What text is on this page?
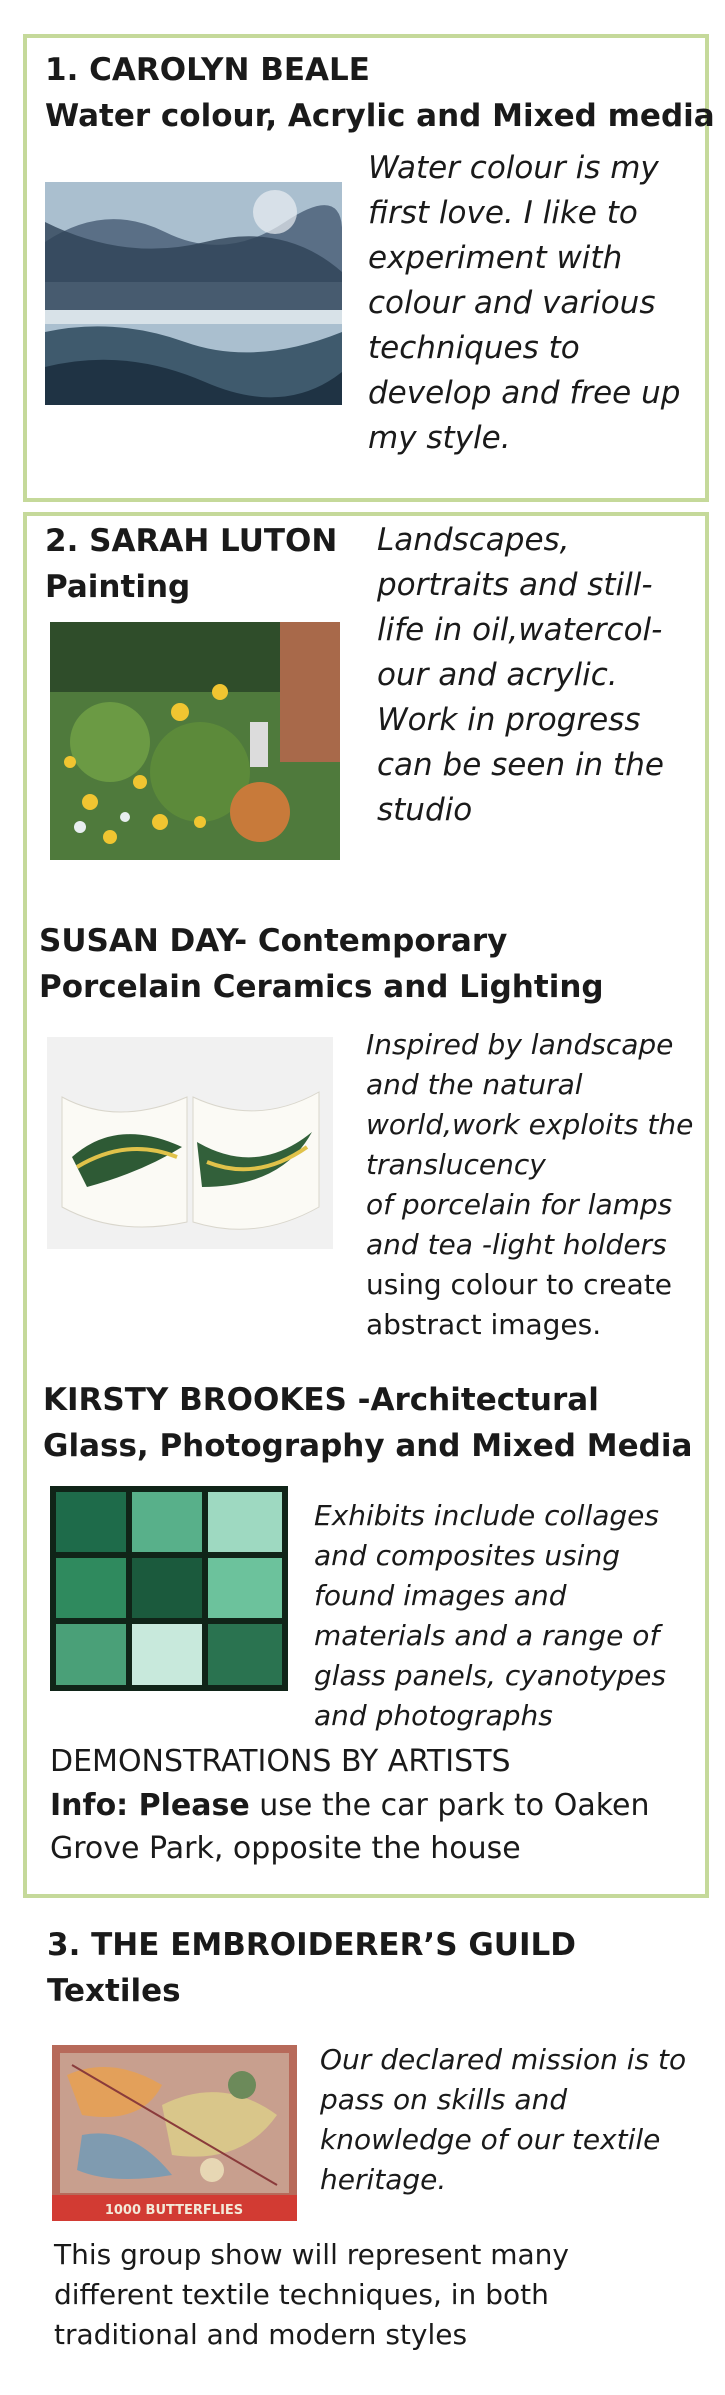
1. CAROLYN BEALE
Water colour, Acrylic and Mixed media
Water colour is my first love. I like to experiment with colour and various techniques to develop and free up my style.
2. SARAH LUTON
Painting
Landscapes,
portraits and still-
life in oil,watercol-
our and acrylic.
Work in progress
can be seen in the
studio
SUSAN DAY- Contemporary Porcelain Ceramics and Lighting
Inspired by landscape
and the natural
world,work exploits the
translucency
of porcelain for lamps
and tea -light holders
using colour to create
abstract images.
KIRSTY BROOKES -Architectural Glass, Photography and Mixed Media
Exhibits include collages
and composites using
found images and
materials and a range of
glass panels, cyanotypes
and photographs
DEMONSTRATIONS BY ARTISTS
Info: Please use the car park to Oaken Grove Park, opposite the house
3. THE EMBROIDERER’S GUILD
Textiles
1000 BUTTERFLIES
Our declared mission is to
pass on skills and
knowledge of our textile
heritage.
This group show will represent many
different textile techniques, in both
traditional and modern styles
